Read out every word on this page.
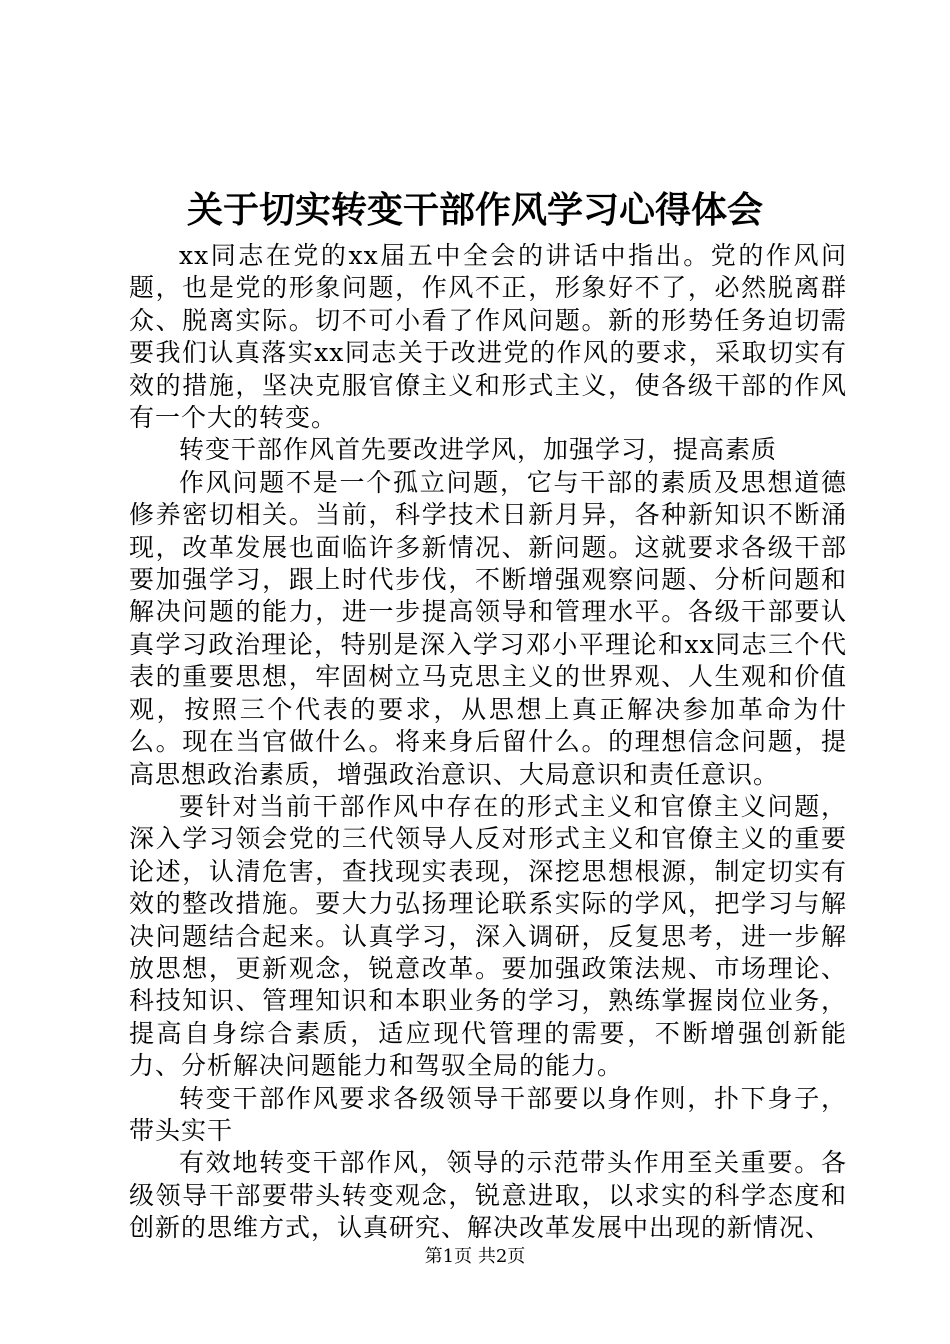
关于切实转变干部作风学习心得体会

xx同志在党的xx届五中全会的讲话中指出。党的作风问题，也是党的形象问题，作风不正，形象好不了，必然脱离群众、脱离实际。切不可小看了作风问题。新的形势任务迫切需要我们认真落实xx同志关于改进党的作风的要求，采取切实有效的措施，坚决克服官僚主义和形式主义，使各级干部的作风有一个大的转变。

转变干部作风首先要改进学风，加强学习，提高素质

作风问题不是一个孤立问题，它与干部的素质及思想道德修养密切相关。当前，科学技术日新月异，各种新知识不断涌现，改革发展也面临许多新情况、新问题。这就要求各级干部要加强学习，跟上时代步伐，不断增强观察问题、分析问题和解决问题的能力，进一步提高领导和管理水平。各级干部要认真学习政治理论，特别是深入学习邓小平理论和xx同志三个代表的重要思想，牢固树立马克思主义的世界观、人生观和价值观，按照三个代表的要求，从思想上真正解决参加革命为什么。现在当官做什么。将来身后留什么。的理想信念问题，提高思想政治素质，增强政治意识、大局意识和责任意识。

要针对当前干部作风中存在的形式主义和官僚主义问题，深入学习领会党的三代领导人反对形式主义和官僚主义的重要论述，认清危害，查找现实表现，深挖思想根源，制定切实有效的整改措施。要大力弘扬理论联系实际的学风，把学习与解决问题结合起来。认真学习，深入调研，反复思考，进一步解放思想，更新观念，锐意改革。要加强政策法规、市场理论、科技知识、管理知识和本职业务的学习，熟练掌握岗位业务，提高自身综合素质，适应现代管理的需要，不断增强创新能力、分析解决问题能力和驾驭全局的能力。

转变干部作风要求各级领导干部要以身作则，扑下身子，带头实干

有效地转变干部作风，领导的示范带头作用至关重要。各级领导干部要带头转变观念，锐意进取，以求实的科学态度和创新的思维方式，认真研究、解决改革发展中出现的新情况、

第1页 共2页
